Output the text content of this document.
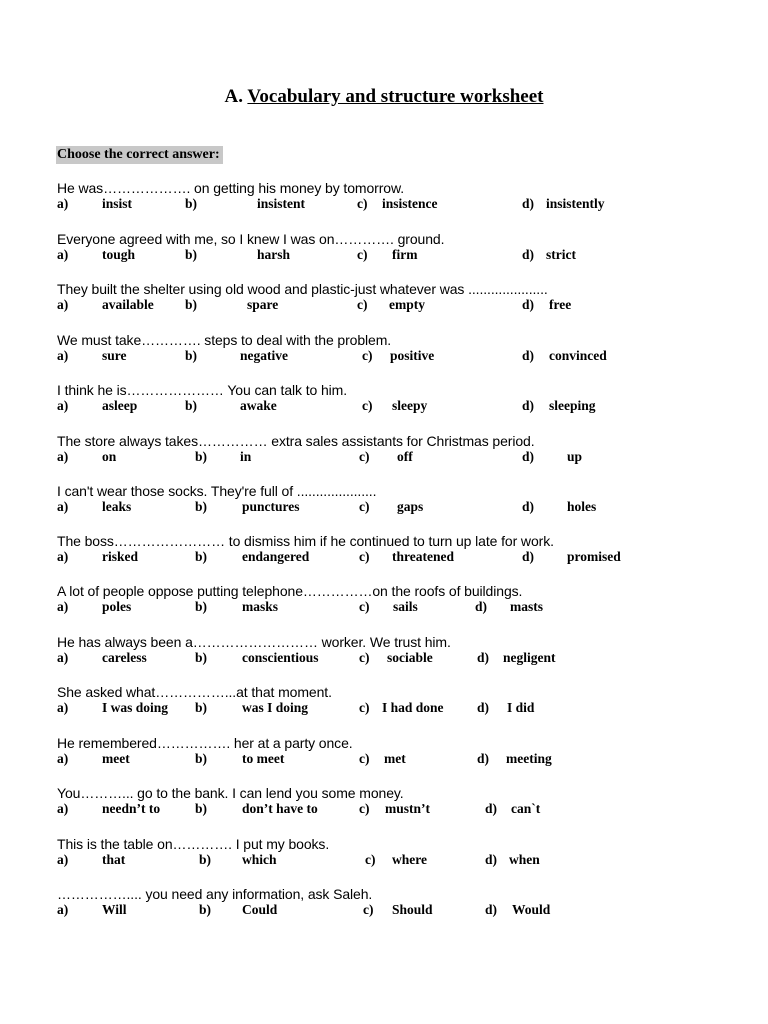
A. Vocabulary and structure worksheet
Choose the correct answer:
He was………………. on getting his money by tomorrow.
a)	insist	b)	insistent	c) insistence	d) insistently
Everyone agreed with me, so I knew I was on…………. ground.
a)	tough	b)	harsh	c) firm	d) strict
They built the shelter using old wood and plastic-just whatever was .....................
a)	available b)	spare	c) empty	d) free
We must take…………. steps to deal with the problem.
a)	sure	b)	negative	c) positive	d) convinced
I think he is………………… You can talk to him.
a)	asleep	b)	awake	c) sleepy	d) sleeping
The store always takes…………… extra sales assistants for Christmas period.
a)	on	b) in	c) off	d) up
I can't wear those socks. They're full of .....................
a)	leaks	b)	punctures	c) gaps	d) holes
The boss…………………… to dismiss him if he continued to turn up late for work.
a)	risked	b)	endangered	c) threatened	d) promised
A lot of people oppose putting telephone……………on the roofs of buildings.
a)	poles	b)	masks	c) sails	d) masts
He has always been a……………………… worker. We trust him.
a)	careless	b)	conscientious	c) sociable	d) negligent
She asked what……………...at that moment.
a)	I was doing b)	was I doing	c) I had done d) I did
He remembered……………. her at a party once.
a)	meet	b)	to meet	c) met	d) meeting
You………... go to the bank. I can lend you some money.
a)	needn’t to	b)	don’t have to	c) mustn’t	d) can`t
This is the table on…………. I put my books.
a)	that	b) which	c) where	d) when
…………….... you need any information, ask Saleh.
a)	Will	b) Could	c) Should	d) Would
